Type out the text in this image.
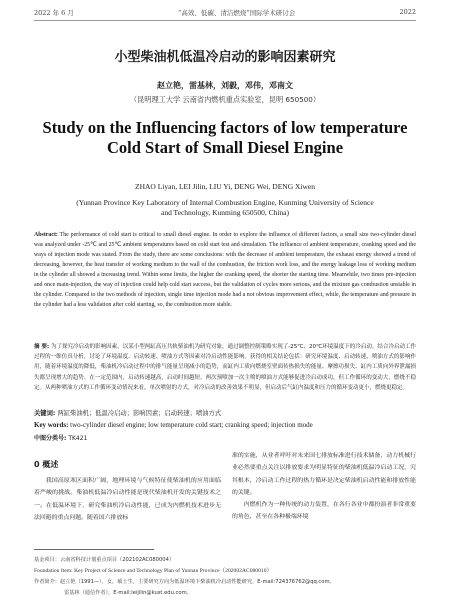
2022 年 6 月	“高效、低碳、清洁燃烧”国际学术研讨会	2022
小型柴油机低温冷启动的影响因素研究
赵立艳，雷基林，刘毅，邓伟，邓南文
（昆明理工大学 云南省内燃机重点实验室，昆明 650500）
Study on the Influencing factors of low temperature
Cold Start of Small Diesel Engine
ZHAO Liyan, LEI Jilin, LIU Yi, DENG Wei, DENG Xiwen
(Yunnan Province Key Laboratory of Internal Combustion Engine, Kunming University of Science and Technology, Kunming 650500, China)
Abstract: The performance of cold start is critical to small diesel engine. In order to explore the influence of different factors, a small size two-cylinder diesel was analyzed under -25℃ and 25℃ ambient temperatures based on cold start test and simulation. The influence of ambient temperature, cranking speed and the ways of injection mode was stated. From the study, there are some conclusions: with the decrease of ambient temperature, the exhaust energy showed a trend of decreasing, however, the heat transfer of working medium to the wall of the combustion, the friction work loss, and the energy leakage loss of working medium in the cylinder all showed a increasing trend. Within some limits, the higher the cranking speed, the shorter the starting time. Meanwhile, two times pre-injection and once main-injection, the way of injection could help cold start success, but the validation of cycles more serious, and the mixture gas combustion unstable in the cylinder. Compared to the two methods of injection, single time injection mode had a not obvious improvement effect, while, the temperature and pressure in the cylinder had a less validation after cold starting, so, the combustion more stable.
摘 要: 为了探究冷启动的影响因素，以某小型两缸高压共轨柴油机为研究对象，通过调整控制策略实现了-25℃、20℃环境温度下的冷启动。结合冷启动工作过程的一维仿真分析，讨论了环境温度、启动转速、喷油方式等因素对冷启动性能影响。获得的相关结论包括：研究环境温度、启动转速、喷油方式的影响作用，随着环境温度的降低，柴油机冷启动过程中的排气能量呈现减小的趋势，而缸内工质向燃烧室壁面传热损失的能量、摩擦功损失、缸内工质向外界泄漏损失都呈现增大的趋势。在一定范围内，启动转速越高，启动时间越短。两次预喷加一次主喷的喷油方式能够促进冷启动成功，但工作循环的变动大，燃烧不稳定。从两种喷油方式的工作循环变动情况来看，单次喷射的方式，对冷启动的改善效果不明显，但启动后气缸内温度和压力的循环变动更小，燃烧更稳定。
关键词: 两缸柴油机；低温冷启动；影响因素；启动转速；喷油方式
Key words: two-cylinder diesel engine; low temperature cold start; cranking speed; injection mode
中图分类号: TK421
0 概述
我国高原寒区面积广阔，地理环境与气候特征使柴油机的应用面临着严峻的挑战。柴油机低温冷启动性能是现代柴油机开发的关键技术之一。在低温环境下，研究柴油机冷启动性能，已成为内燃机技术进步无法回避的重点问题。随着国六排放标
准的实施，从业者呼吁对未来国七排放标准进行技术储备，动力机械行业必然要重点关注以排放要求为明显特征的柴油机低温冷启动工况，究其根本，冷启动工作过程的热力循环是决定柴油机启动性能和排放性能的关键。
内燃机作为一种传统的动力装置，在各行各业中都扮演者非常重要的角色，甚至在各种极端环境
基金项目：云南省科技计划重点项目（202102AC080004）
Foundation Item: Key Project of Science and Technology Plan of Yunnan Province（202002AC080010）
作者简介：赵立艳（1991—），女，硕士生，主要研究方向为低温环境下柴油机冷启动性能研究，E-mail:724376762@qq.com。
雷基林（通信作者），E-mail:leijilin@kust.edu.com。
